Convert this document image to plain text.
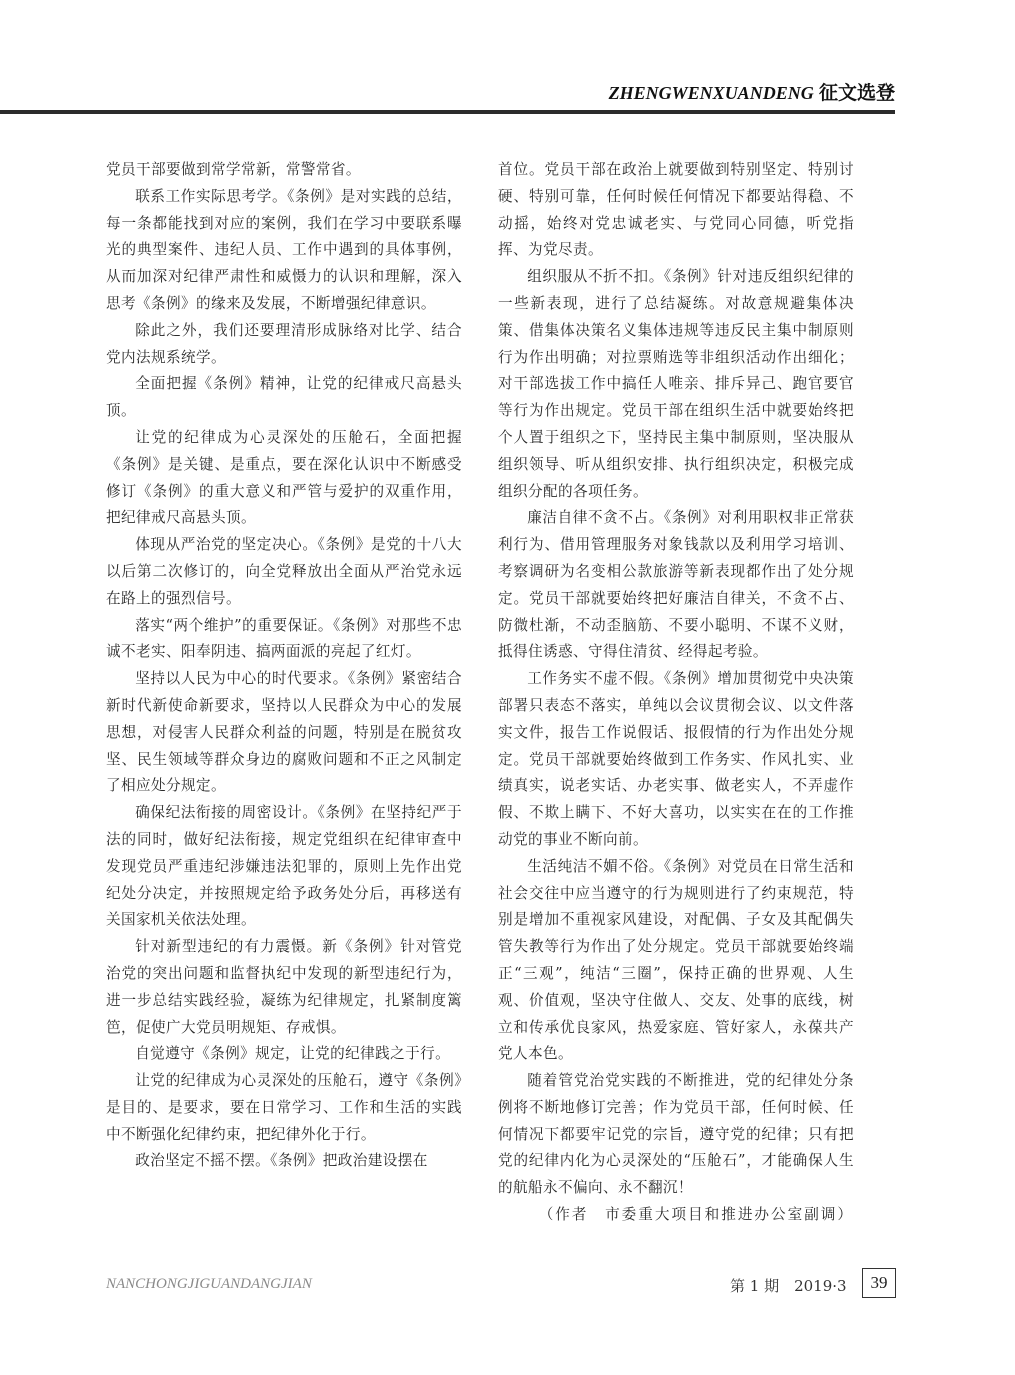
ZHENGWENXUANDENG 征文选登

党员干部要做到常学常新，常警常省。

联系工作实际思考学。《条例》是对实践的总结，每一条都能找到对应的案例，我们在学习中要联系曝光的典型案件、违纪人员、工作中遇到的具体事例，从而加深对纪律严肃性和威慑力的认识和理解，深入思考《条例》的缘来及发展，不断增强纪律意识。

除此之外，我们还要理清形成脉络对比学、结合党内法规系统学。

全面把握《条例》精神，让党的纪律戒尺高悬头顶。

让党的纪律成为心灵深处的压舱石，全面把握《条例》是关键、是重点，要在深化认识中不断感受修订《条例》的重大意义和严管与爱护的双重作用，把纪律戒尺高悬头顶。

体现从严治党的坚定决心。《条例》是党的十八大以后第二次修订的，向全党释放出全面从严治党永远在路上的强烈信号。

落实“两个维护”的重要保证。《条例》对那些不忠诚不老实、阳奉阴违、搞两面派的亮起了红灯。

坚持以人民为中心的时代要求。《条例》紧密结合新时代新使命新要求，坚持以人民群众为中心的发展思想，对侵害人民群众利益的问题，特别是在脱贫攻坚、民生领域等群众身边的腐败问题和不正之风制定了相应处分规定。

确保纪法衔接的周密设计。《条例》在坚持纪严于法的同时，做好纪法衔接，规定党组织在纪律审查中发现党员严重违纪涉嫌违法犯罪的，原则上先作出党纪处分决定，并按照规定给予政务处分后，再移送有关国家机关依法处理。

针对新型违纪的有力震慑。新《条例》针对管党治党的突出问题和监督执纪中发现的新型违纪行为，进一步总结实践经验，凝练为纪律规定，扎紧制度篱笆，促使广大党员明规矩、存戒惧。

自觉遵守《条例》规定，让党的纪律践之于行。

让党的纪律成为心灵深处的压舱石，遵守《条例》是目的、是要求，要在日常学习、工作和生活的实践中不断强化纪律约束，把纪律外化于行。

政治坚定不摇不摆。《条例》把政治建设摆在

首位。党员干部在政治上就要做到特别坚定、特别讨硬、特别可靠，任何时候任何情况下都要站得稳、不动摇，始终对党忠诚老实、与党同心同德，听党指挥、为党尽责。

组织服从不折不扣。《条例》针对违反组织纪律的一些新表现，进行了总结凝练。对故意规避集体决策、借集体决策名义集体违规等违反民主集中制原则行为作出明确；对拉票贿选等非组织活动作出细化；对干部选拔工作中搞任人唯亲、排斥异己、跑官要官等行为作出规定。党员干部在组织生活中就要始终把个人置于组织之下，坚持民主集中制原则，坚决服从组织领导、听从组织安排、执行组织决定，积极完成组织分配的各项任务。

廉洁自律不贪不占。《条例》对利用职权非正常获利行为、借用管理服务对象钱款以及利用学习培训、考察调研为名变相公款旅游等新表现都作出了处分规定。党员干部就要始终把好廉洁自律关，不贪不占、防微杜渐，不动歪脑筋、不要小聪明、不谋不义财，抵得住诱惑、守得住清贫、经得起考验。

工作务实不虚不假。《条例》增加贯彻党中央决策部署只表态不落实，单纯以会议贯彻会议、以文件落实文件，报告工作说假话、报假情的行为作出处分规定。党员干部就要始终做到工作务实、作风扎实、业绩真实，说老实话、办老实事、做老实人，不弄虚作假、不欺上瞒下、不好大喜功，以实实在在的工作推动党的事业不断向前。

生活纯洁不媚不俗。《条例》对党员在日常生活和社会交往中应当遵守的行为规则进行了约束规范，特别是增加不重视家风建设，对配偶、子女及其配偶失管失教等行为作出了处分规定。党员干部就要始终端正“三观”，纯洁“三圈”，保持正确的世界观、人生观、价值观，坚决守住做人、交友、处事的底线，树立和传承优良家风，热爱家庭、管好家人，永葆共产党人本色。

随着管党治党实践的不断推进，党的纪律处分条例将不断地修订完善；作为党员干部，任何时候、任何情况下都要牢记党的宗旨，遵守党的纪律；只有把党的纪律内化为心灵深处的“压舱石”，才能确保人生的航船永不偏向、永不翻沉！

（作者　市委重大项目和推进办公室副调）

NANCHONGJIGUANDANGJIAN	第 1 期　2019·3	39
